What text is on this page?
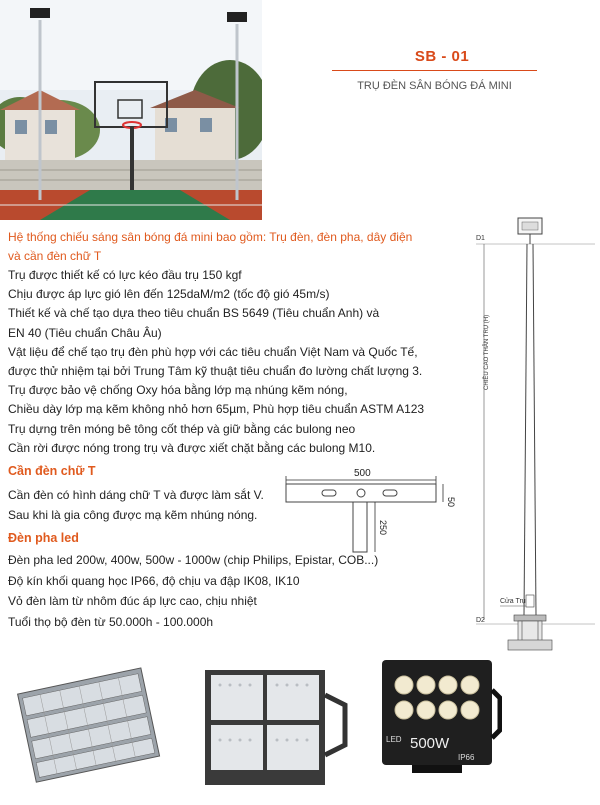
SB - 01
TRỤ ĐÈN SÂN BÓNG ĐÁ MINI
Hệ thống chiếu sáng sân bóng đá mini bao gồm: Trụ đèn, đèn pha, dây điện và cần đèn chữ T
Trụ được thiết kế có lực kéo đầu trụ 150 kgf
Chịu được áp lực gió lên đến 125daM/m2 (tốc độ gió 45m/s)
Thiết kế và chế tạo dựa theo tiêu chuẩn BS 5649 (Tiêu chuẩn Anh) và
EN 40 (Tiêu chuẩn Châu Âu)
Vật liệu để chế tạo trụ đèn phù hợp với các tiêu chuẩn Việt Nam và Quốc Tế,
được thử nhiệm tại bởi Trung Tâm kỹ thuật tiêu chuẩn đo lường chất lượng 3.
Trụ được bảo vệ chống Oxy hóa bằng lớp mạ nhúng kẽm nóng,
Chiều dày lớp mạ kẽm không nhỏ hơn 65µm, Phù hợp tiêu chuẩn ASTM A123
Trụ dựng trên móng bê tông cốt thép và giữ bằng các bulong neo
Cần rời được nóng trong trụ và được xiết chặt bằng các bulong M10.
Cần đèn chữ T
Cần đèn có hình dáng chữ T và được làm sắt V.
Sau khi là gia công được mạ kẽm nhúng nóng.
500
50
250
Đèn pha led
Đèn pha led 200w, 400w, 500w - 1000w (chip Philips, Epistar, COB...)
Độ kín khối quang học IP66, độ chịu va đập IK08, IK10
Vỏ đèn làm từ nhôm đúc áp lực cao, chịu nhiệt
Tuổi thọ bộ đèn từ 50.000h - 100.000h
D1
CHIỀU CAO THÂN TRỤ (H)
Cửa Trụ
D2
LED 500W
IP66
